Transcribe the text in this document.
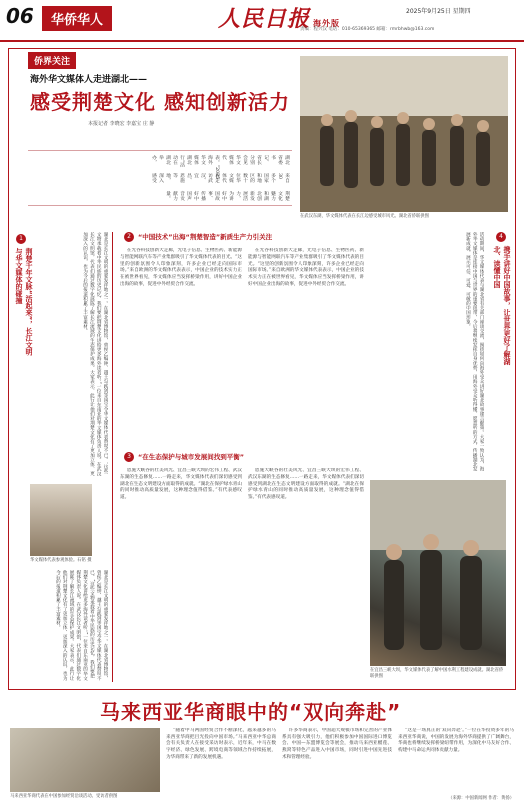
06	华侨华人	人民日报 海外版
2025年9月25日 星期四
责编：程兴汉 电话：010-65369365 邮箱：rmrbhwb@163.com
侨界关注
海外华文媒体人走进湖北——
感受荆楚文化 感知创新活力
本报记者 李晓宏 李嘉宝 庄 静
湖北省委书记、省长分别会见华文媒体代表。“2025海外华文媒体湖北行”活动在湖北举办，来自30多个国家和地区的数十位华文媒体代表走访武汉、宜昌、恩施等地，深入感受荆楚文化魅力和湖北创新发展活力，为讲好中国故事、传播好中国声音贡献力量。
在武汉东湖，华文媒体代表在长江边感受城市风光。湖北省侨联供图
1
荆楚千年文脉“活起来”，长江文明与华文媒体的碰撞	湖北是长江文明的重要发祥地之一。在湖北省博物馆，曾侯乙编钟、越王勾践剑等国宝令华文媒体代表赞叹不已。“这些文物承载着中华民族的历史记忆，我们要把荆楚文化讲给更多海外读者听。”一位来自东南亚的华文媒体负责人说。在武汉长江文明馆，代表们通过数字化展陈了解长江流域的生态保护成果。大家表示，此行让他们对荆楚文化有了更加立体、更加深入的认识，也为今后的报道积累了丰富素材。
华文媒体代表参观体验。石铭 摄
湖北是长江文明的重要发祥地之一。在湖北省博物馆，曾侯乙编钟、越王勾践剑等国宝令华文媒体代表赞叹不已。“这些文物承载着中华民族的历史记忆，我们要把荆楚文化讲给更多海外读者听。”一位来自东南亚的华文媒体负责人说。在武汉长江文明馆，代表们通过数字化展陈了解长江流域的生态保护成果。大家表示，此行让他们对荆楚文化有了更加立体、更加深入的认识，也为今后的报道积累了丰富素材。
2	“中国技术”出海“荆楚智造”新质生产力引关注
在光谷科技创新大走廊，光电子信息、生物医药、新能源与智能网联汽车等产业集群吸引了华文媒体代表的目光。“这里的创新氛围令人印象深刻，许多企业已经走向国际市场。”来自欧洲的华文媒体代表表示，中国企业的技术实力正在被世界看见，华文媒体应当发挥桥梁作用，讲好中国企业出海的故事，促进中外经贸合作交流。
在光谷科技创新大走廊，光电子信息、生物医药、新能源与智能网联汽车等产业集群吸引了华文媒体代表的目光。“这里的创新氛围令人印象深刻，许多企业已经走向国际市场。”来自欧洲的华文媒体代表表示，中国企业的技术实力正在被世界看见，华文媒体应当发挥桥梁作用，讲好中国企业出海的故事，促进中外经贸合作交流。
3	“在生态保护与城市发展间找到平衡”
恩施大峡谷的壮美风光、宜昌三峡大坝的宏伟工程、武汉东湖的生态修复……一路走来，华文媒体代表们深切感受到湖北在生态文明建设方面取得的成就。“湖北在保护绿水青山的同时推动高质量发展，这种理念值得借鉴。”有代表感叹道。
恩施大峡谷的壮美风光、宜昌三峡大坝的宏伟工程、武汉东湖的生态修复……一路走来，华文媒体代表们深切感受到湖北在生态文明建设方面取得的成就。“湖北在保护绿水青山的同时推动高质量发展，这种理念值得借鉴。”有代表感叹道。
4
携手讲好中国故事，让世界更好了解湖北、读懂中国
活动期间，华文媒体代表与湖北省有关部门座谈交流，围绕如何向海外受众讲好湖北故事建言献策。大家一致认为，海外华文媒体是连接中国与世界的重要纽带，今后将继续发挥自身优势，用海外受众听得懂、愿意听的方式，传播湖北发展新成就，展示可信、可爱、可敬的中国形象。
在宜昌三峡大坝，华文媒体代表了解中国水利工程建设成就。湖北省侨联供图
马来西亚华商眼中的“双向奔赴”
马来西亚华商代表在中国参加经贸洽谈活动。受访者供图
“随着中马两国经贸合作不断深化，越来越多的马来西亚华商把目光投向中国市场。”马来西亚中华总商会有关负责人在接受采访时表示，近年来，中马在数字经济、绿色发展、跨境电商等领域合作持续拓展，为华商带来了新的发展机遇。
许多华商表示，中国超大规模市场和完善的产业体系具有强大吸引力，他们积极参加中国国际进口博览会、中国—东盟博览会等展会，推动马来西亚榴莲、燕窝等特色产品进入中国市场，同时引进中国先进技术和管理经验。
“这是一场真正的‘双向奔赴’。”一位在华投资多年的马来西亚华商说，中国的发展为海外华商提供了广阔舞台，华商也将继续发挥桥梁纽带作用，为深化中马友好合作、构建中马命运共同体贡献力量。
（来源：中国新闻网 作者：黄扬）
